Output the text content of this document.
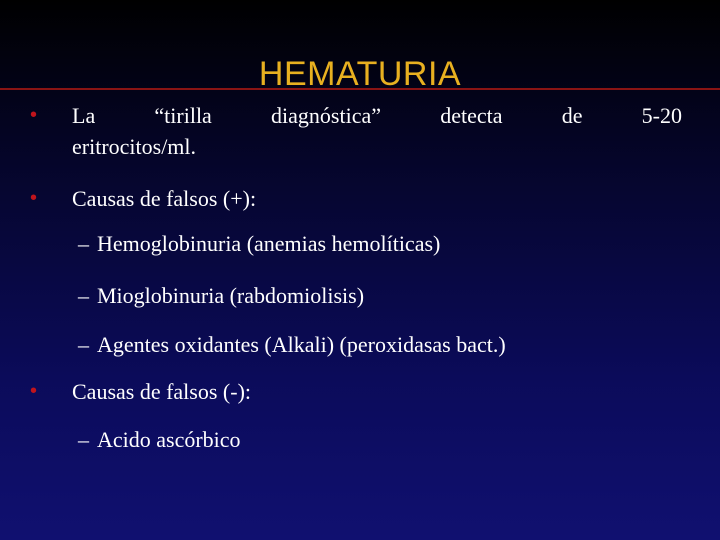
HEMATURIA
• La	“tirilla	diagnóstica”	detecta	de	5-20
eritrocitos/ml.
• Causas de falsos (+):
– Hemoglobinuria (anemias hemolíticas)
– Mioglobinuria (rabdomiolisis)
– Agentes oxidantes (Alkali) (peroxidasas bact.)
• Causas de falsos (-):
– Acido ascórbico
